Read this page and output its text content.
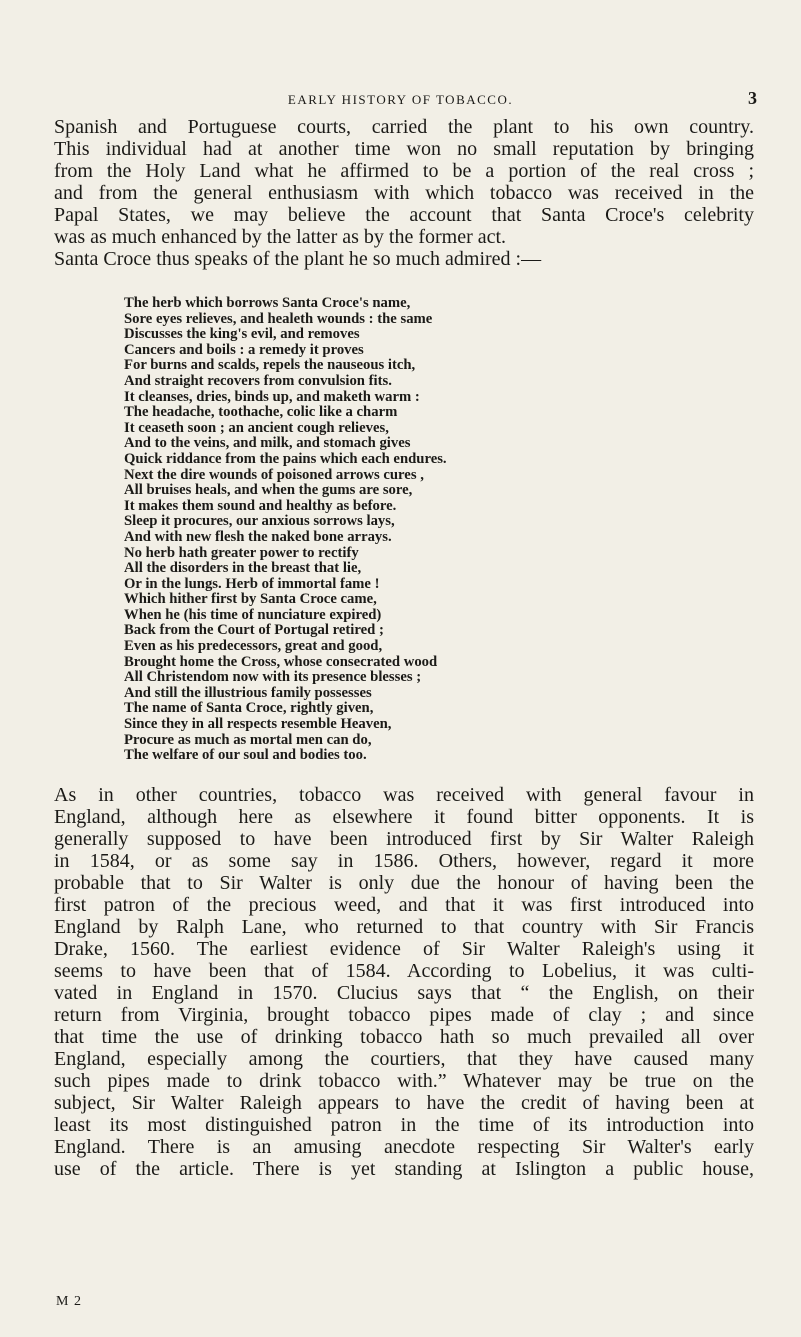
EARLY HISTORY OF TOBACCO.	3
Spanish and Portuguese courts, carried the plant to his own country.
This individual had at another time won no small reputation by bringing
from the Holy Land what he affirmed to be a portion of the real cross ;
and from the general enthusiasm with which tobacco was received in the
Papal States, we may believe the account that Santa Croce's celebrity
was as much enhanced by the latter as by the former act.
Santa Croce thus speaks of the plant he so much admired :—
The herb which borrows Santa Croce's name,
Sore eyes relieves, and healeth wounds : the same
Discusses the king's evil, and removes
Cancers and boils : a remedy it proves
For burns and scalds, repels the nauseous itch,
And straight recovers from convulsion fits.
It cleanses, dries, binds up, and maketh warm :
The headache, toothache, colic like a charm
It ceaseth soon ; an ancient cough relieves,
And to the veins, and milk, and stomach gives
Quick riddance from the pains which each endures.
Next the dire wounds of poisoned arrows cures ,
All bruises heals, and when the gums are sore,
It makes them sound and healthy as before.
Sleep it procures, our anxious sorrows lays,
And with new flesh the naked bone arrays.
No herb hath greater power to rectify
All the disorders in the breast that lie,
Or in the lungs. Herb of immortal fame !
Which hither first by Santa Croce came,
When he (his time of nunciature expired)
Back from the Court of Portugal retired ;
Even as his predecessors, great and good,
Brought home the Cross, whose consecrated wood
All Christendom now with its presence blesses ;
And still the illustrious family possesses
The name of Santa Croce, rightly given,
Since they in all respects resemble Heaven,
Procure as much as mortal men can do,
The welfare of our soul and bodies too.
As in other countries, tobacco was received with general favour in
England, although here as elsewhere it found bitter opponents. It is
generally supposed to have been introduced first by Sir Walter Raleigh
in 1584, or as some say in 1586. Others, however, regard it more
probable that to Sir Walter is only due the honour of having been the
first patron of the precious weed, and that it was first introduced into
England by Ralph Lane, who returned to that country with Sir Francis
Drake, 1560. The earliest evidence of Sir Walter Raleigh's using it
seems to have been that of 1584. According to Lobelius, it was culti-
vated in England in 1570. Clucius says that “ the English, on their
return from Virginia, brought tobacco pipes made of clay ; and since
that time the use of drinking tobacco hath so much prevailed all over
England, especially among the courtiers, that they have caused many
such pipes made to drink tobacco with.” Whatever may be true on the
subject, Sir Walter Raleigh appears to have the credit of having been at
least its most distinguished patron in the time of its introduction into
England. There is an amusing anecdote respecting Sir Walter's early
use of the article. There is yet standing at Islington a public house,
M 2
